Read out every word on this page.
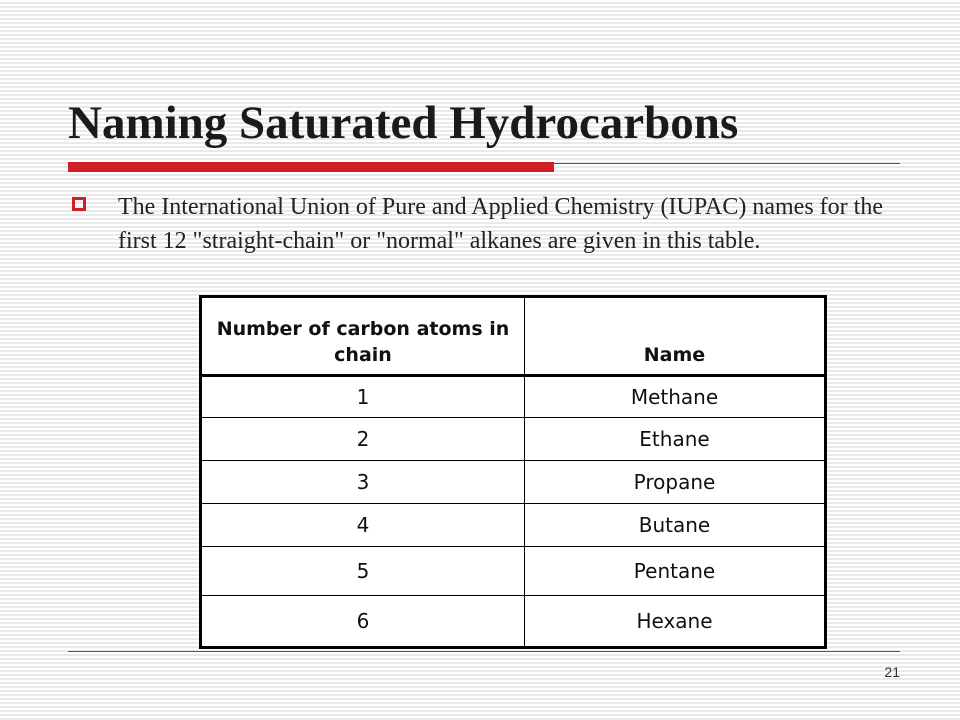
Naming Saturated Hydrocarbons

The International Union of Pure and Applied Chemistry (IUPAC) names for the first 12 "straight-chain" or "normal" alkanes are given in this table.

Number of carbon atoms in chain	Name
1	Methane
2	Ethane
3	Propane
4	Butane
5	Pentane
6	Hexane
21
